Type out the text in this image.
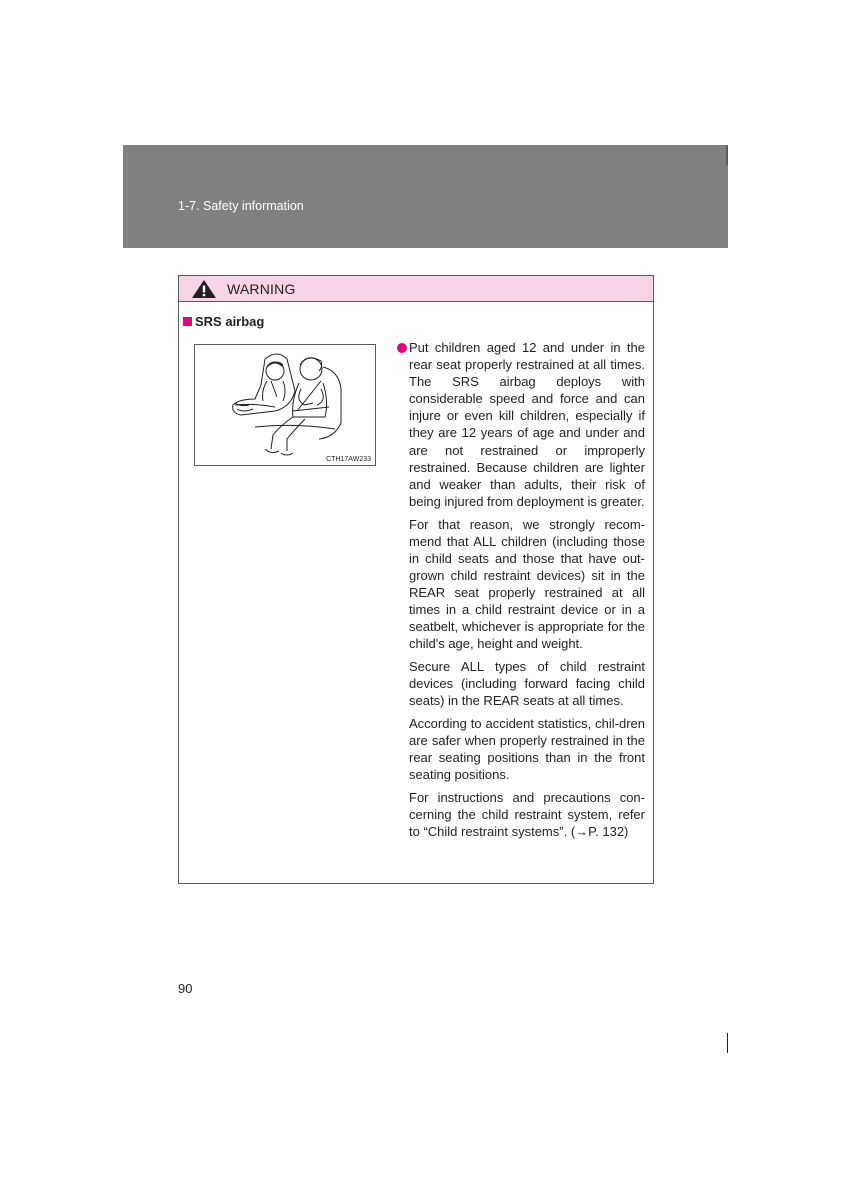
1-7. Safety information
WARNING
SRS airbag
CTH17AW233

Put children aged 12 and under in the rear seat properly restrained at all times. The SRS airbag deploys with considerable speed and force and can injure or even kill children, especially if they are 12 years of age and under and are not restrained or improperly restrained. Because children are lighter and weaker than adults, their risk of being injured from deployment is greater.

For that reason, we strongly recom-mend that ALL children (including those in child seats and those that have out-grown child restraint devices) sit in the REAR seat properly restrained at all times in a child restraint device or in a seatbelt, whichever is appropriate for the child's age, height and weight.

Secure ALL types of child restraint devices (including forward facing child seats) in the REAR seats at all times.

According to accident statistics, chil-dren are safer when properly restrained in the rear seating positions than in the front seating positions.

For instructions and precautions con-cerning the child restraint system, refer to “Child restraint systems”. (→P. 132)

90
